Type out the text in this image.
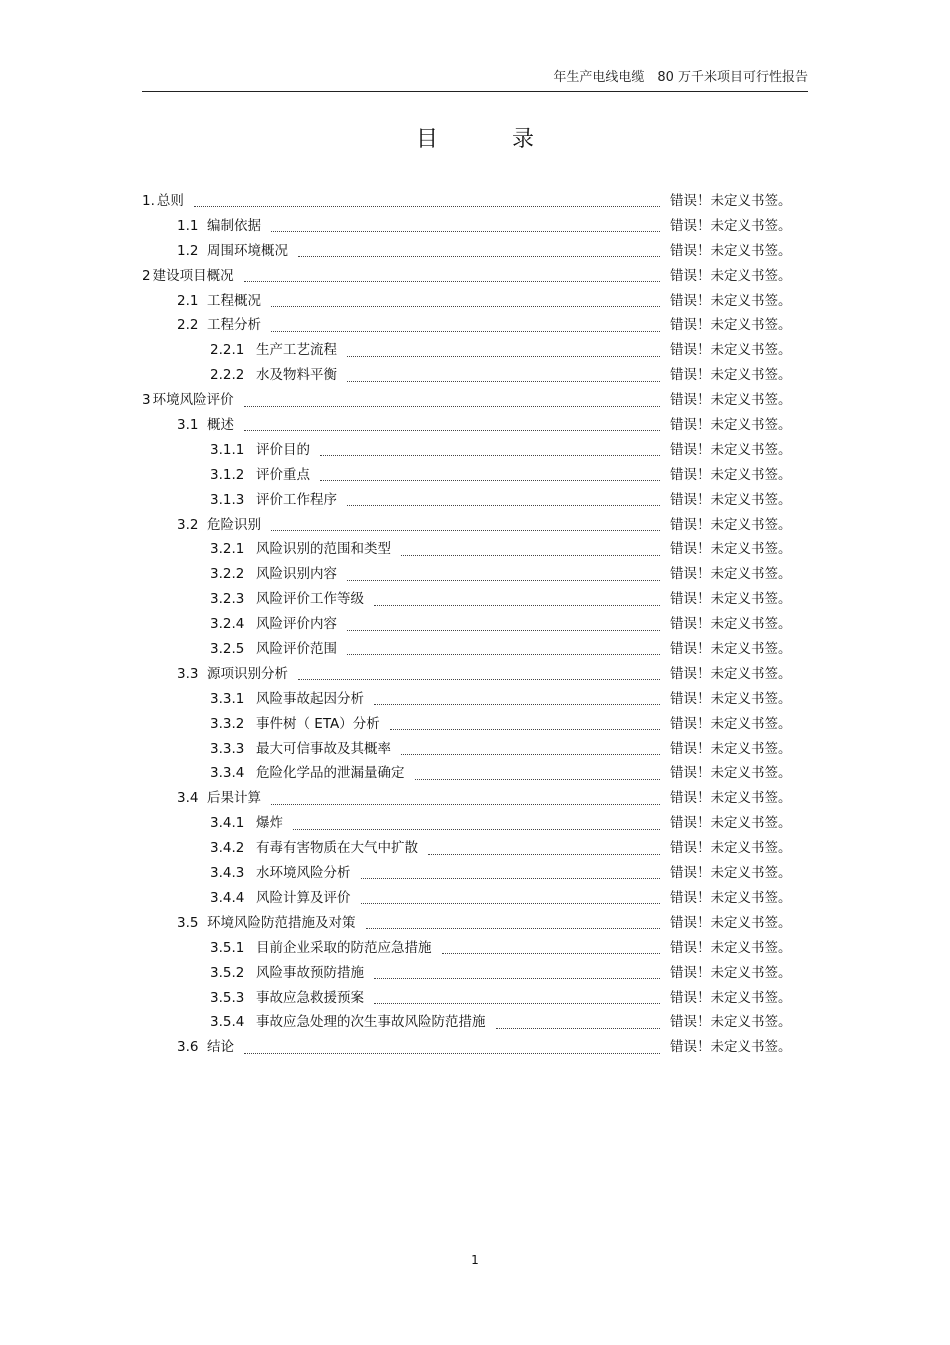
年生产电线电缆　80 万千米项目可行性报告
目　录
1. 总则	错误！未定义书签。
1.1 编制依据	错误！未定义书签。
1.2 周围环境概况	错误！未定义书签。
2 建设项目概况	错误！未定义书签。
2.1 工程概况	错误！未定义书签。
2.2 工程分析	错误！未定义书签。
2.2.1 生产工艺流程	错误！未定义书签。
2.2.2 水及物料平衡	错误！未定义书签。
3 环境风险评价	错误！未定义书签。
3.1 概述	错误！未定义书签。
3.1.1 评价目的	错误！未定义书签。
3.1.2 评价重点	错误！未定义书签。
3.1.3 评价工作程序	错误！未定义书签。
3.2 危险识别	错误！未定义书签。
3.2.1 风险识别的范围和类型	错误！未定义书签。
3.2.2 风险识别内容	错误！未定义书签。
3.2.3 风险评价工作等级	错误！未定义书签。
3.2.4 风险评价内容	错误！未定义书签。
3.2.5 风险评价范围	错误！未定义书签。
3.3 源项识别分析	错误！未定义书签。
3.3.1 风险事故起因分析	错误！未定义书签。
3.3.2 事件树（ ETA）分析	错误！未定义书签。
3.3.3 最大可信事故及其概率	错误！未定义书签。
3.3.4 危险化学品的泄漏量确定	错误！未定义书签。
3.4 后果计算	错误！未定义书签。
3.4.1 爆炸	错误！未定义书签。
3.4.2 有毒有害物质在大气中扩散	错误！未定义书签。
3.4.3 水环境风险分析	错误！未定义书签。
3.4.4 风险计算及评价	错误！未定义书签。
3.5 环境风险防范措施及对策	错误！未定义书签。
3.5.1 目前企业采取的防范应急措施	错误！未定义书签。
3.5.2 风险事故预防措施	错误！未定义书签。
3.5.3 事故应急救援预案	错误！未定义书签。
3.5.4 事故应急处理的次生事故风险防范措施	错误！未定义书签。
3.6 结论	错误！未定义书签。
1
